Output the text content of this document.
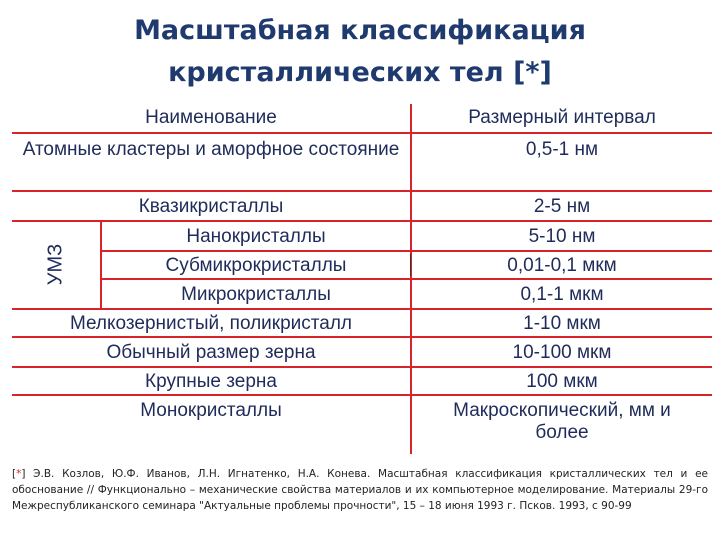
Масштабная классификация
кристаллических тел [*]
Наименование	Размерный интервал
Атомные кластеры и аморфное состояние	0,5-1 нм
Квазикристаллы	2-5 нм
УМЗ
Нанокристаллы	5-10 нм
Субмикрокристаллы	0,01-0,1 мкм
Микрокристаллы	0,1-1 мкм
Мелкозернистый, поликристалл	1-10 мкм
Обычный размер зерна	10-100 мкм
Крупные зерна	100 мкм
Монокристаллы	Макроскопический, мм и более
[*] Э.В. Козлов, Ю.Ф. Иванов, Л.Н. Игнатенко, Н.А. Конева. Масштабная классификация кристаллических тел и ее обоснование // Функционально – механические свойства материалов и их компьютерное моделирование. Материалы 29-го Межреспубликанского семинара "Актуальные проблемы прочности", 15 – 18 июня 1993 г. Псков. 1993, с 90-99
